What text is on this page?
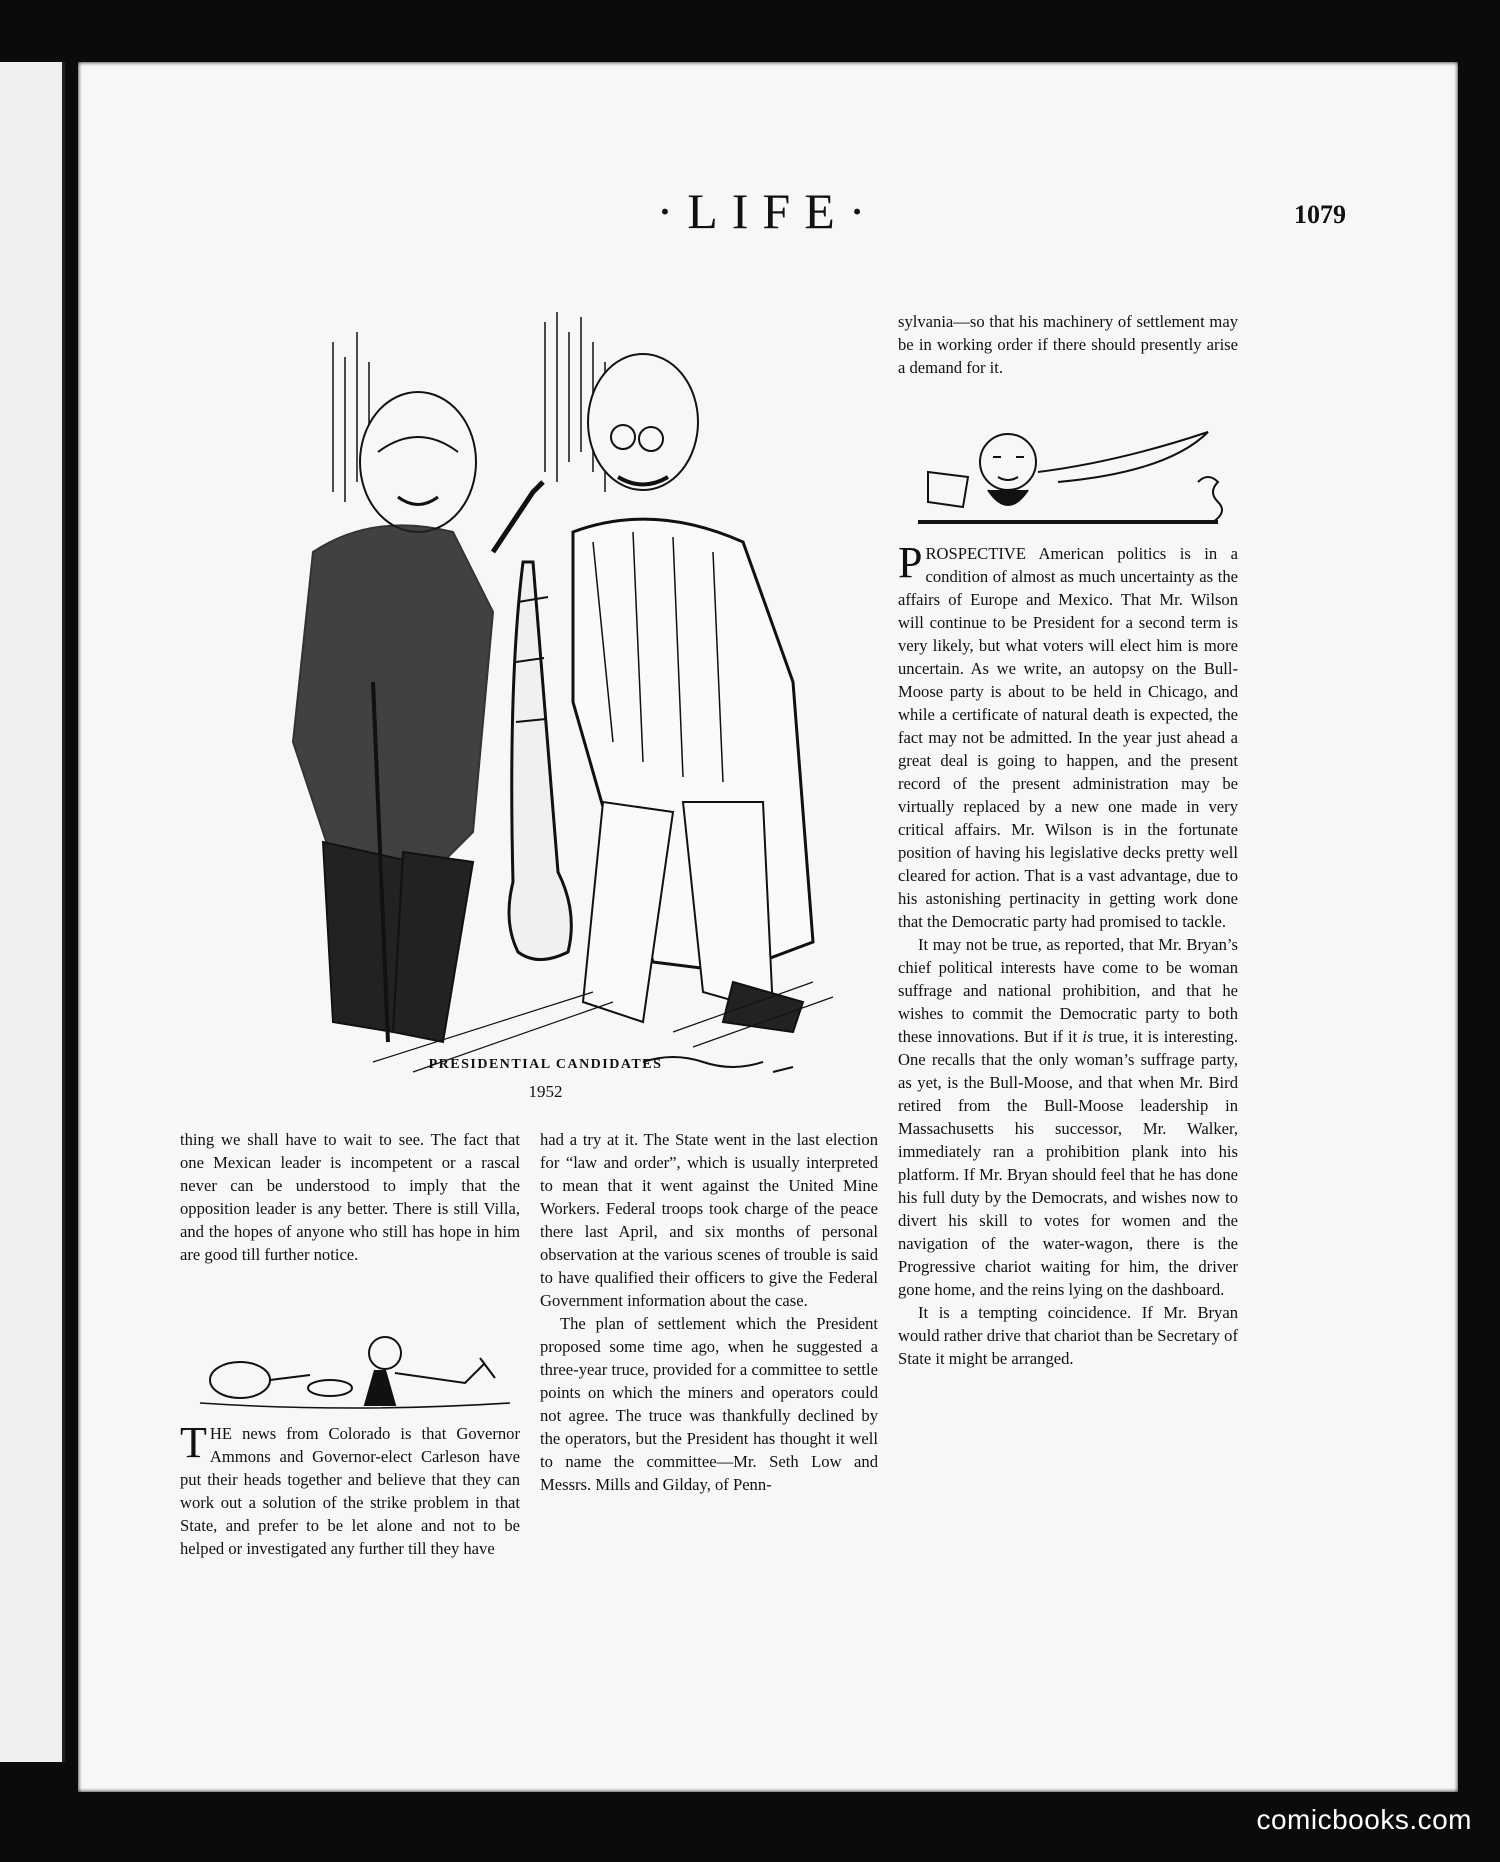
·LIFE·	1079
PRESIDENTIAL CANDIDATES
1952

thing we shall have to wait to see. The fact that one Mexican leader is incompetent or a rascal never can be understood to imply that the opposition leader is any better. There is still Villa, and the hopes of anyone who still has hope in him are good till further notice.

THE news from Colorado is that Governor Ammons and Governor-elect Carleson have put their heads together and believe that they can work out a solution of the strike problem in that State, and prefer to be let alone and not to be helped or investigated any further till they have

had a try at it. The State went in the last election for “law and order”, which is usually interpreted to mean that it went against the United Mine Workers. Federal troops took charge of the peace there last April, and six months of personal observation at the various scenes of trouble is said to have qualified their officers to give the Federal Government information about the case.

The plan of settlement which the President proposed some time ago, when he suggested a three-year truce, provided for a committee to settle points on which the miners and operators could not agree. The truce was thankfully declined by the operators, but the President has thought it well to name the committee—Mr. Seth Low and Messrs. Mills and Gilday, of Penn-

sylvania—so that his machinery of settlement may be in working order if there should presently arise a demand for it.

PROSPECTIVE American politics is in a condition of almost as much uncertainty as the affairs of Europe and Mexico. That Mr. Wilson will continue to be President for a second term is very likely, but what voters will elect him is more uncertain. As we write, an autopsy on the Bull-Moose party is about to be held in Chicago, and while a certificate of natural death is expected, the fact may not be admitted. In the year just ahead a great deal is going to happen, and the present record of the present administration may be virtually replaced by a new one made in very critical affairs. Mr. Wilson is in the fortunate position of having his legislative decks pretty well cleared for action. That is a vast advantage, due to his astonishing pertinacity in getting work done that the Democratic party had promised to tackle.

It may not be true, as reported, that Mr. Bryan’s chief political interests have come to be woman suffrage and national prohibition, and that he wishes to commit the Democratic party to both these innovations. But if it is true, it is interesting. One recalls that the only woman’s suffrage party, as yet, is the Bull-Moose, and that when Mr. Bird retired from the Bull-Moose leadership in Massachusetts his successor, Mr. Walker, immediately ran a prohibition plank into his platform. If Mr. Bryan should feel that he has done his full duty by the Democrats, and wishes now to divert his skill to votes for women and the navigation of the water-wagon, there is the Progressive chariot waiting for him, the driver gone home, and the reins lying on the dashboard.

It is a tempting coincidence. If Mr. Bryan would rather drive that chariot than be Secretary of State it might be arranged.

comicbooks.com
